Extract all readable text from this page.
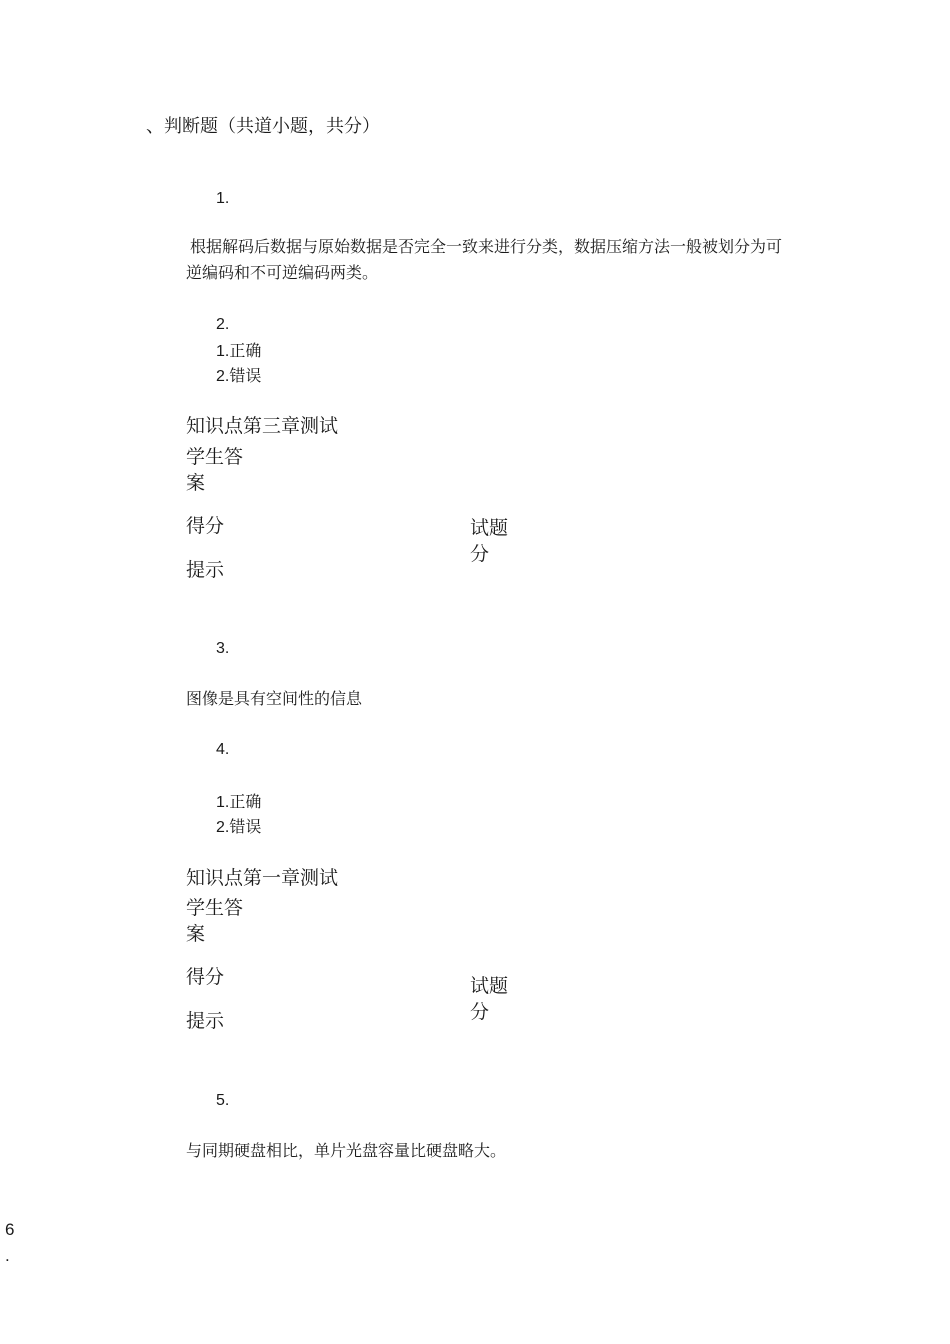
、判断题（共道小题，共分）
1.
根据解码后数据与原始数据是否完全一致来进行分类，数据压缩方法一般被划分为可逆编码和不可逆编码两类。
2.
1.正确
2.错误
知识点第三章测试
学生答案
得分	试题分
提示
3.
图像是具有空间性的信息
4.
1.正确
2.错误
知识点第一章测试
学生答案
得分	试题分
提示
5.
与同期硬盘相比，单片光盘容量比硬盘略大。
6
.
